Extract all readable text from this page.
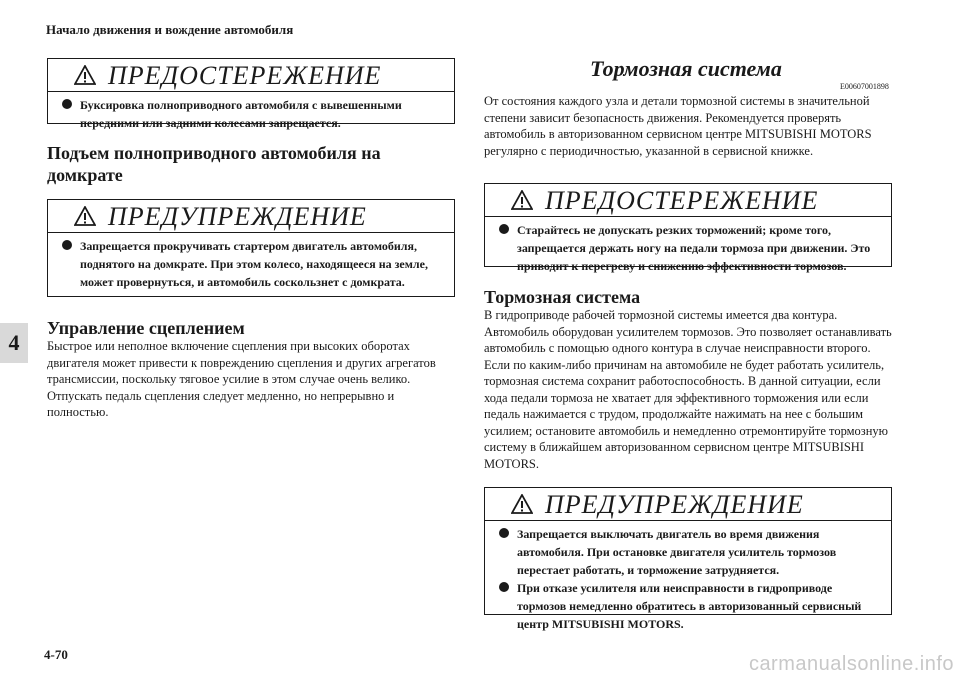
Начало движения и вождение автомобиля
4
ПРЕДОСТЕРЕЖЕНИЕ
Буксировка полноприводного автомобиля с вывешенными передними или задними колесами запрещается.
Подъем полноприводного автомобиля на домкрате
ПРЕДУПРЕЖДЕНИЕ
Запрещается прокручивать стартером двигатель автомобиля, поднятого на домкрате. При этом колесо, находящееся на земле, может провернуться, и автомобиль соскользнет с домкрата.
Управление сцеплением
Быстрое или неполное включение сцепления при высоких оборотах двигателя может привести к повреждению сцепления и других агрегатов трансмиссии, поскольку тяговое усилие в этом случае очень велико.
Отпускать педаль сцепления следует медленно, но непрерывно и полностью.
Тормозная система
E00607001898
От состояния каждого узла и детали тормозной системы в значительной степени зависит безопасность движения. Рекомендуется проверять автомобиль в авторизованном сервисном центре MITSUBISHI MOTORS регулярно с периодичностью, указанной в сервисной книжке.
ПРЕДОСТЕРЕЖЕНИЕ
Старайтесь не допускать резких торможений; кроме того, запрещается держать ногу на педали тормоза при движении. Это приводит к перегреву и снижению эффективности тормозов.
Тормозная система
В гидроприводе рабочей тормозной системы имеется два контура. Автомобиль оборудован усилителем тормозов. Это позволяет останавливать автомобиль с помощью одного контура в случае неисправности второго. Если по каким-либо причинам на автомобиле не будет работать усилитель, тормозная система сохранит работоспособность. В данной ситуации, если хода педали тормоза не хватает для эффективного торможения или если педаль нажимается с трудом, продолжайте нажимать на нее с большим усилием; остановите автомобиль и немедленно отремонтируйте тормозную систему в ближайшем авторизованном сервисном центре MITSUBISHI MOTORS.
ПРЕДУПРЕЖДЕНИЕ
Запрещается выключать двигатель во время движения автомобиля. При остановке двигателя усилитель тормозов перестает работать, и торможение затрудняется.
При отказе усилителя или неисправности в гидроприводе тормозов немедленно обратитесь в авторизованный сервисный центр MITSUBISHI MOTORS.
4-70	carmanualsonline.info
